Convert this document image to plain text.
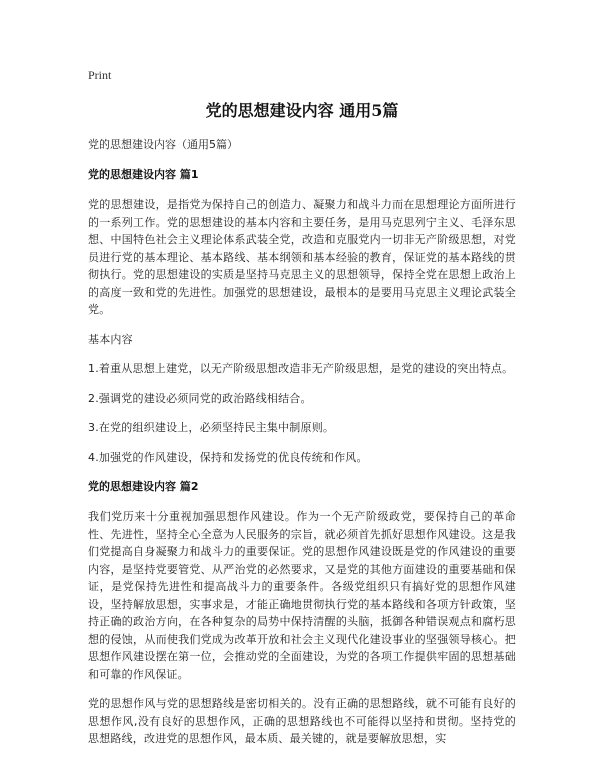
Print
党的思想建设内容 通用5篇
党的思想建设内容（通用5篇）
党的思想建设内容 篇1

党的思想建设，是指党为保持自己的创造力、凝聚力和战斗力而在思想理论方面所进行的一系列工作。党的思想建设的基本内容和主要任务，是用马克思列宁主义、毛泽东思想、中国特色社会主义理论体系武装全党，改造和克服党内一切非无产阶级思想，对党员进行党的基本理论、基本路线、基本纲领和基本经验的教育，保证党的基本路线的贯彻执行。党的思想建设的实质是坚持马克思主义的思想领导，保持全党在思想上政治上的高度一致和党的先进性。加强党的思想建设，最根本的是要用马克思主义理论武装全党。

基本内容

1.着重从思想上建党，以无产阶级思想改造非无产阶级思想，是党的建设的突出特点。

2.强调党的建设必须同党的政治路线相结合。

3.在党的组织建设上，必须坚持民主集中制原则。

4.加强党的作风建设，保持和发扬党的优良传统和作风。

党的思想建设内容 篇2

我们党历来十分重视加强思想作风建设。作为一个无产阶级政党，要保持自己的革命性、先进性，坚持全心全意为人民服务的宗旨，就必须首先抓好思想作风建设。这是我们党提高自身凝聚力和战斗力的重要保证。党的思想作风建设既是党的作风建设的重要内容，是坚持党要管党、从严治党的必然要求，又是党的其他方面建设的重要基础和保证，是党保持先进性和提高战斗力的重要条件。各级党组织只有搞好党的思想作风建设，坚持解放思想，实事求是，才能正确地贯彻执行党的基本路线和各项方针政策，坚持正确的政治方向，在各种复杂的局势中保持清醒的头脑，抵御各种错误观点和腐朽思想的侵蚀，从而使我们党成为改革开放和社会主义现代化建设事业的坚强领导核心。把思想作风建设摆在第一位，会推动党的全面建设，为党的各项工作提供牢固的思想基础和可靠的作风保证。

党的思想作风与党的思想路线是密切相关的。没有正确的思想路线，就不可能有良好的思想作风,没有良好的思想作风，正确的思想路线也不可能得以坚持和贯彻。坚持党的思想路线，改进党的思想作风，最本质、最关键的，就是要解放思想，实
